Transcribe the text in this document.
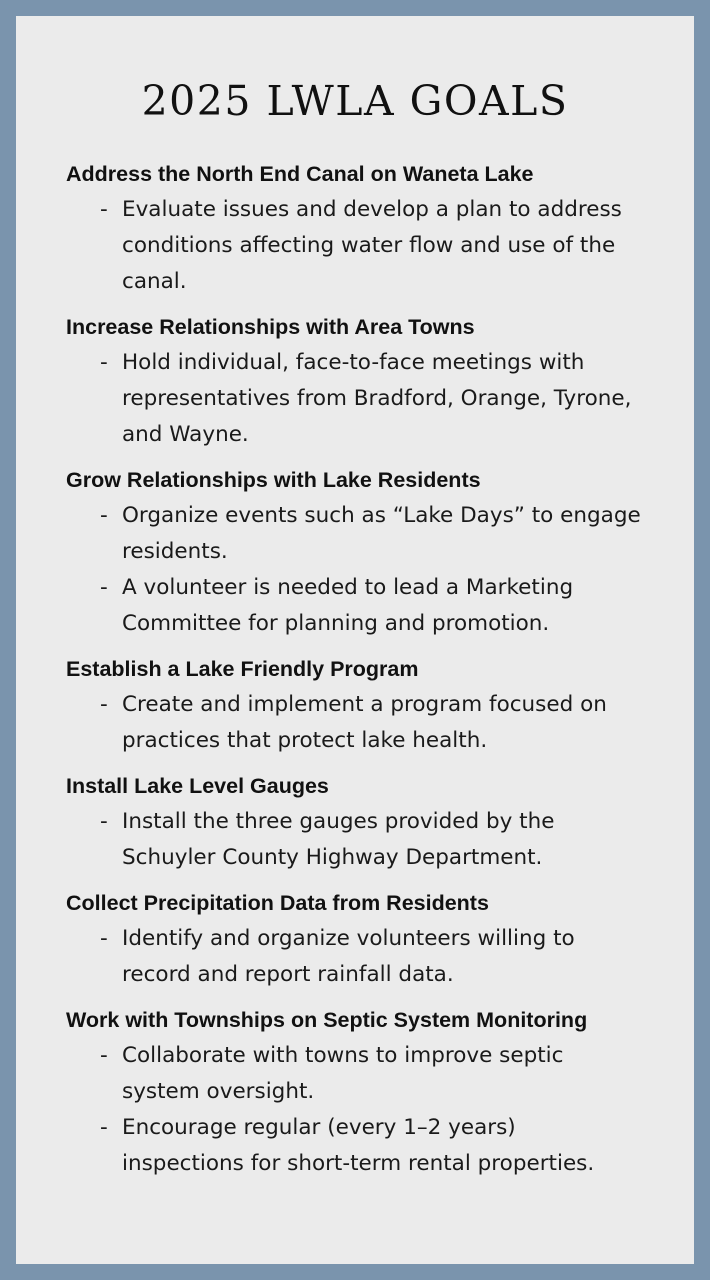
2025 LWLA GOALS
Address the North End Canal on Waneta Lake
- Evaluate issues and develop a plan to address conditions affecting water flow and use of the canal.
Increase Relationships with Area Towns
- Hold individual, face-to-face meetings with representatives from Bradford, Orange, Tyrone, and Wayne.
Grow Relationships with Lake Residents
- Organize events such as “Lake Days” to engage residents.
- A volunteer is needed to lead a Marketing Committee for planning and promotion.
Establish a Lake Friendly Program
- Create and implement a program focused on practices that protect lake health.
Install Lake Level Gauges
- Install the three gauges provided by the Schuyler County Highway Department.
Collect Precipitation Data from Residents
- Identify and organize volunteers willing to record and report rainfall data.
Work with Townships on Septic System Monitoring
- Collaborate with towns to improve septic system oversight.
- Encourage regular (every 1–2 years) inspections for short-term rental properties.
